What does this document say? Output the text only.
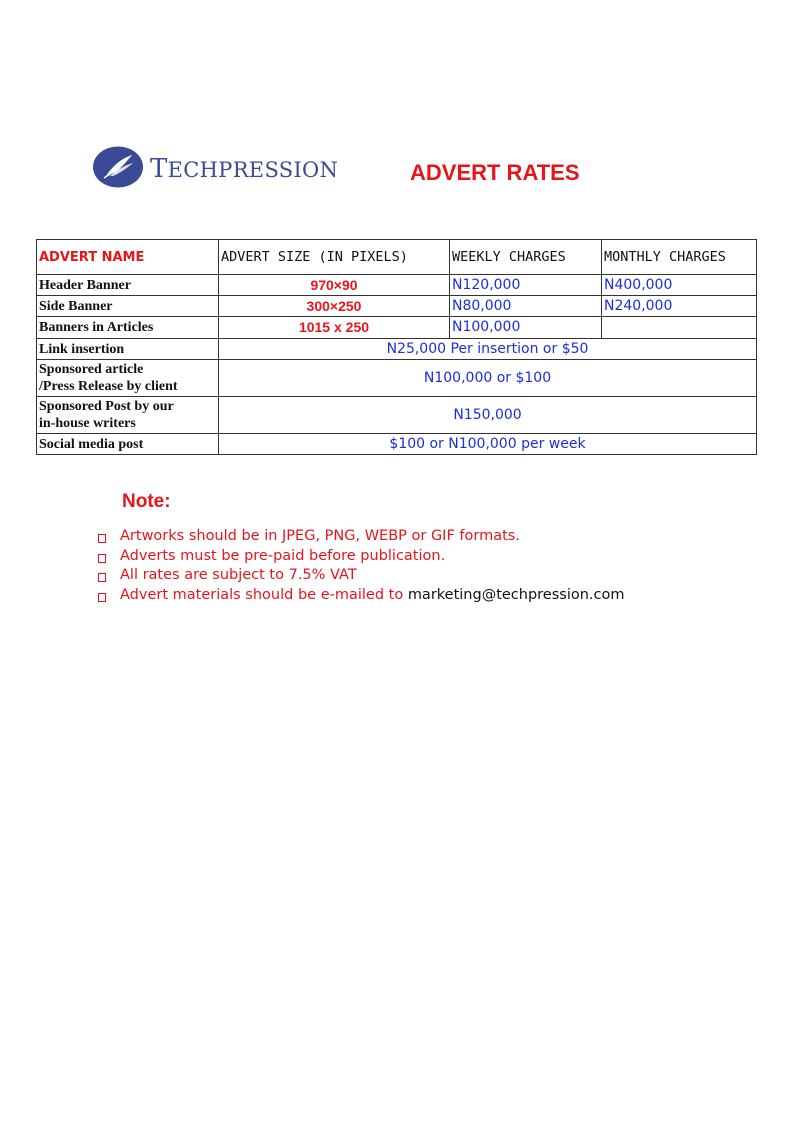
TECHPRESSION	ADVERT RATES
ADVERT NAME	ADVERT SIZE (IN PIXELS)	WEEKLY CHARGES	MONTHLY CHARGES
Header Banner	970×90	N120,000	N400,000
Side Banner	300×250	N80,000	N240,000
Banners in Articles	1015 x 250	N100,000	
Link insertion	N25,000 Per insertion or $50		
Sponsored article
/Press Release by client	N100,000 or $100		
Sponsored Post by our
in-house writers	N150,000		
Social media post	$100 or N100,000 per week		
Note:
Artworks should be in JPEG, PNG, WEBP or GIF formats.
Adverts must be pre-paid before publication.
All rates are subject to 7.5% VAT
Advert materials should be e-mailed to marketing@techpression.com
